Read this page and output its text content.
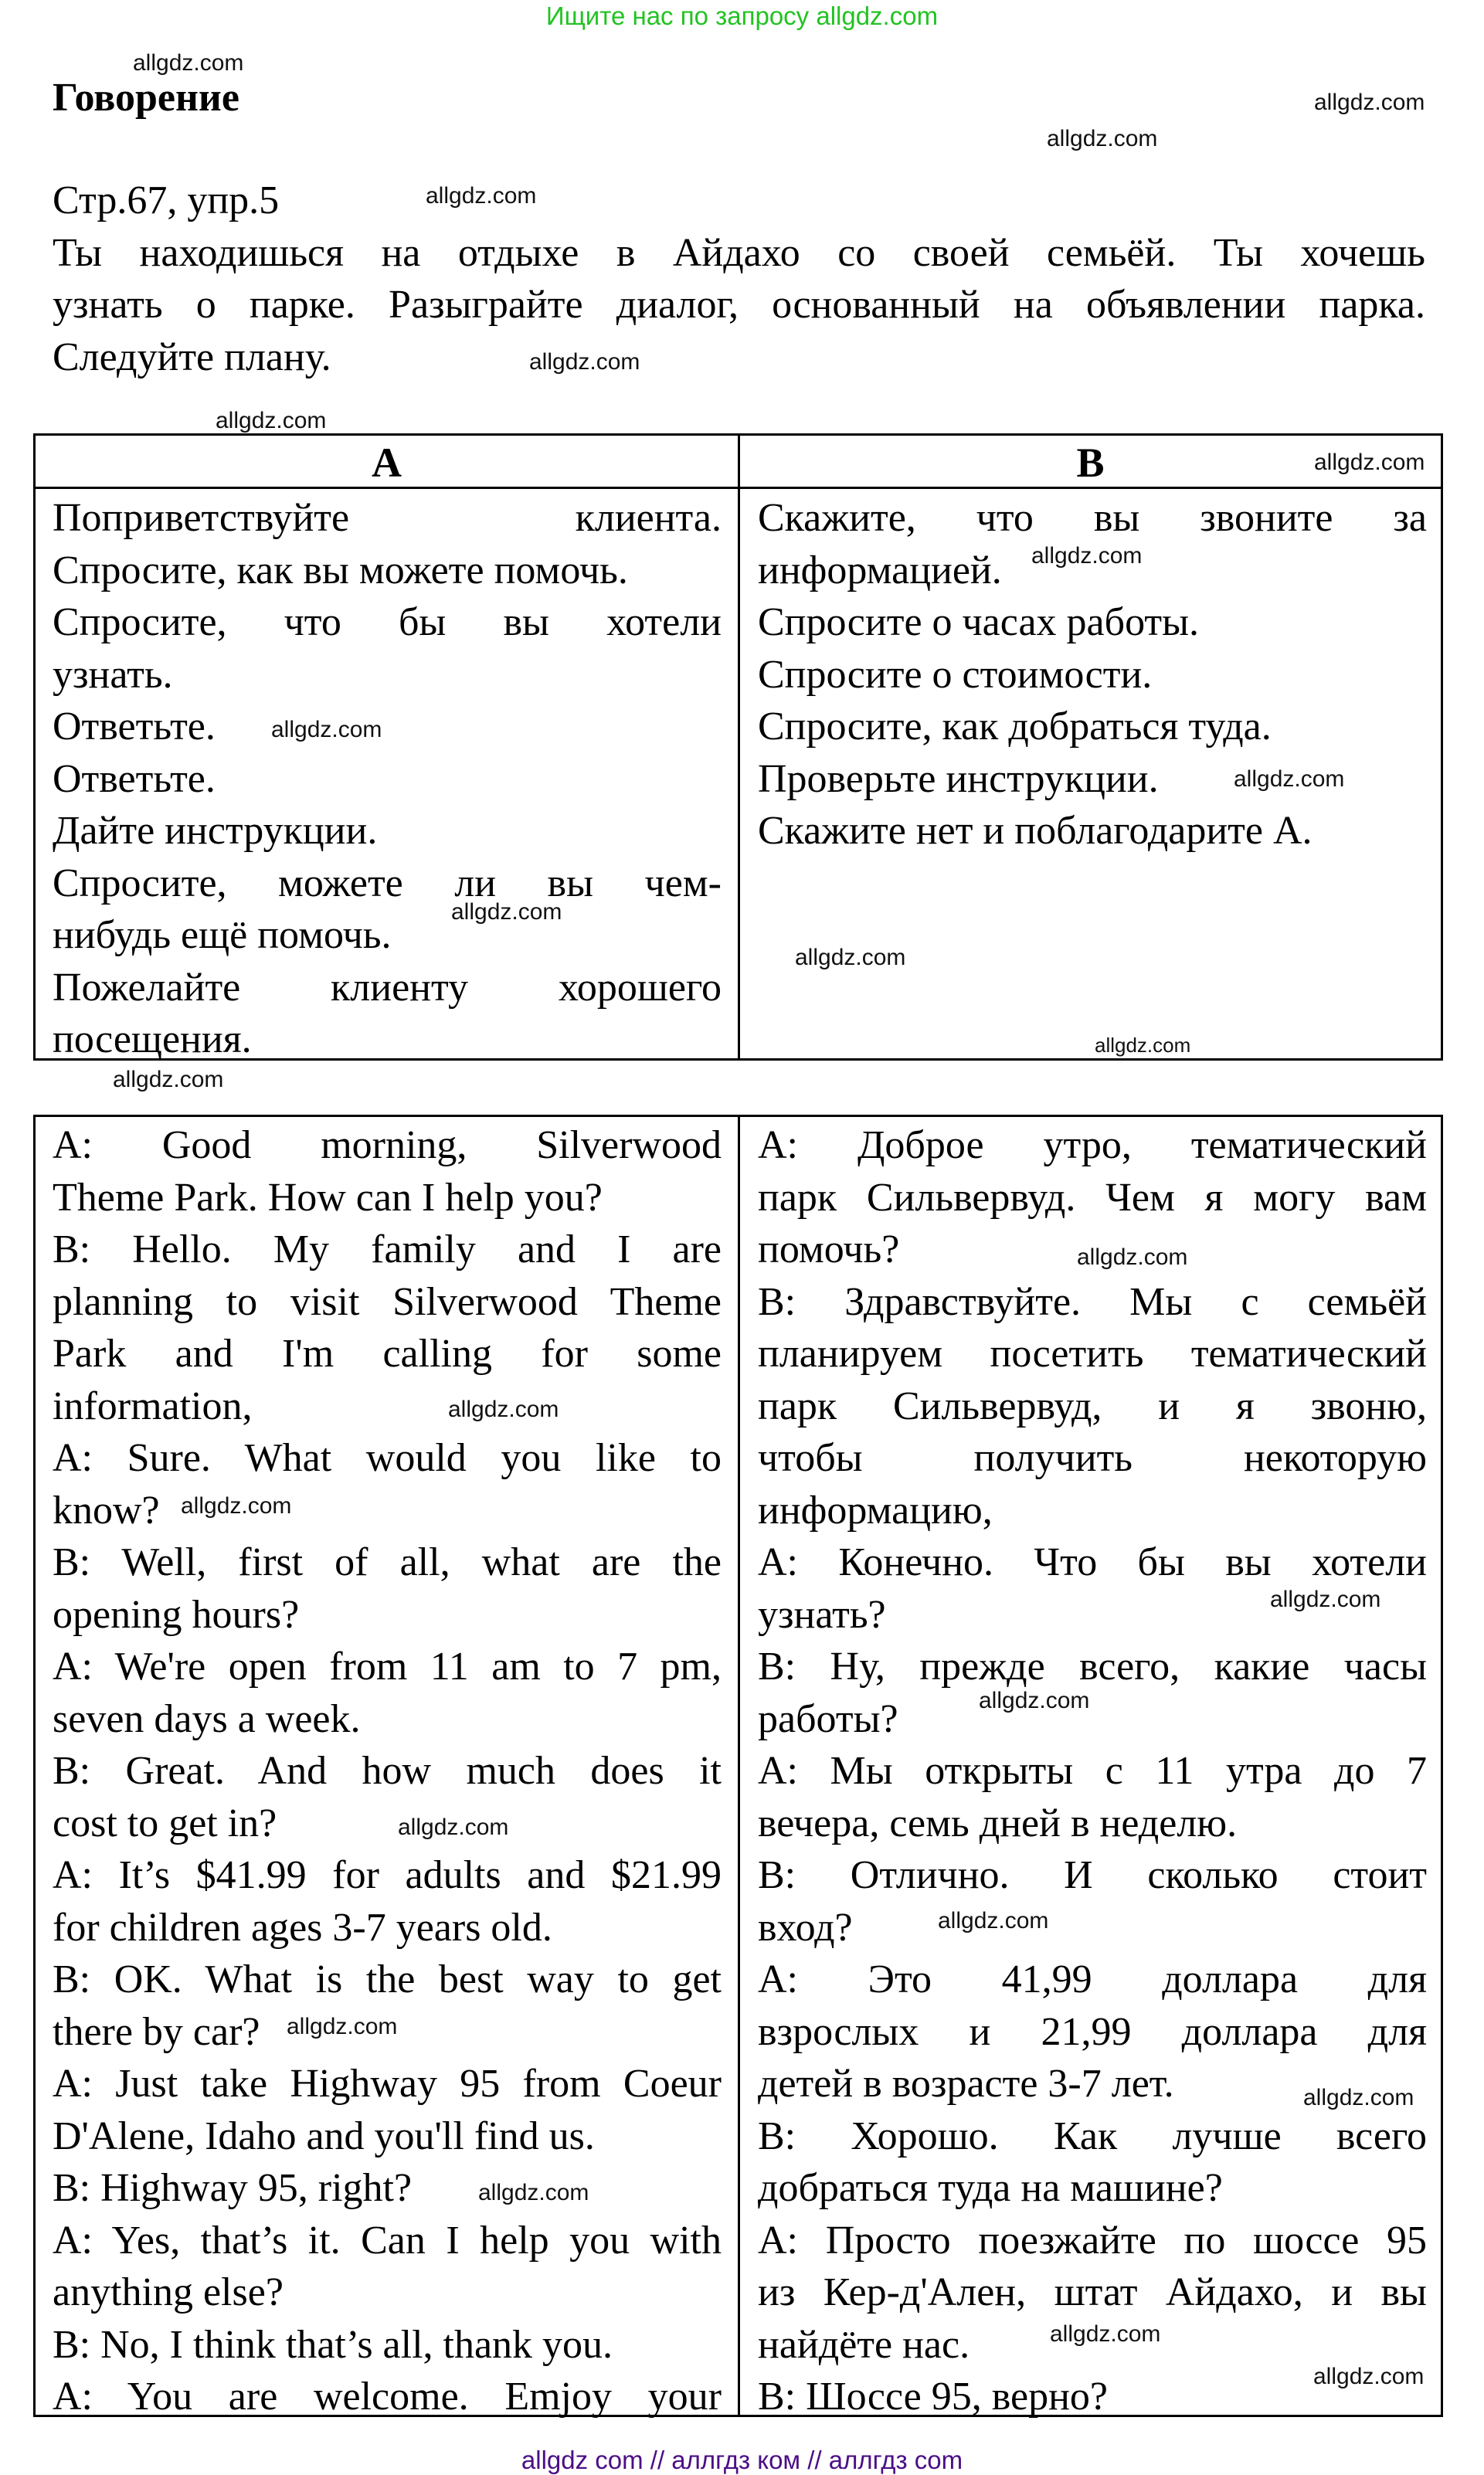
Ищите нас по запросу allgdz.com
Говорение
Стр.67, упр.5
Ты находишься на отдыхе в Айдахо со своей семьёй. Ты хочешь
узнать о парке. Разыграйте диалог, основанный на объявлении парка.
Следуйте плану.
A	B
Поприветствуйте клиента.
Спросите, как вы можете помочь.
Спросите, что бы вы хотели
узнать.
Ответьте.
Ответьте.
Дайте инструкции.
Спросите, можете ли вы чем-
нибудь ещё помочь.
Пожелайте клиенту хорошего
посещения.
Скажите, что вы звоните за
информацией.
Спросите о часах работы.
Спросите о стоимости.
Спросите, как добраться туда.
Проверьте инструкции.
Скажите нет и поблагодарите А.
A: Good morning, Silverwood
Theme Park. How can I help you?
B: Hello. My family and I are
planning to visit Silverwood Theme
Park and I'm calling for some
information,
A: Sure. What would you like to
know?
B: Well, first of all, what are the
opening hours?
A: We're open from 11 am to 7 pm,
seven days a week.
B: Great. And how much does it
cost to get in?
A: It’s $41.99 for adults and $21.99
for children ages 3-7 years old.
B: OK. What is the best way to get
there by car?
A: Just take Highway 95 from Coeur
D'Alene, Idaho and you'll find us.
B: Highway 95, right?
A: Yes, that’s it. Can I help you with
anything else?
B: No, I think that’s all, thank you.
A: You are welcome. Emjoy your
А: Доброе утро, тематический
парк Сильвервуд. Чем я могу вам
помочь?
В: Здравствуйте. Мы с семьёй
планируем посетить тематический
парк Сильвервуд, и я звоню,
чтобы получить некоторую
информацию,
А: Конечно. Что бы вы хотели
узнать?
В: Ну, прежде всего, какие часы
работы?
А: Мы открыты с 11 утра до 7
вечера, семь дней в неделю.
В: Отлично. И сколько стоит
вход?
А: Это 41,99 доллара для
взрослых и 21,99 доллара для
детей в возрасте 3-7 лет.
В: Хорошо. Как лучше всего
добраться туда на машине?
А: Просто поезжайте по шоссе 95
из Кер-д'Ален, штат Айдахо, и вы
найдёте нас.
В: Шоссе 95, верно?
allgdz com // аллгдз ком // аллгдз com
allgdz.com
allgdz.com
allgdz.com
allgdz.com
allgdz.com
allgdz.com
allgdz.com
allgdz.com
allgdz.com
allgdz.com
allgdz.com
allgdz.com
allgdz.com
allgdz.com
allgdz.com
allgdz.com
allgdz.com
allgdz.com
allgdz.com
allgdz.com
allgdz.com
allgdz.com
allgdz.com
allgdz.com
allgdz.com
allgdz.com
